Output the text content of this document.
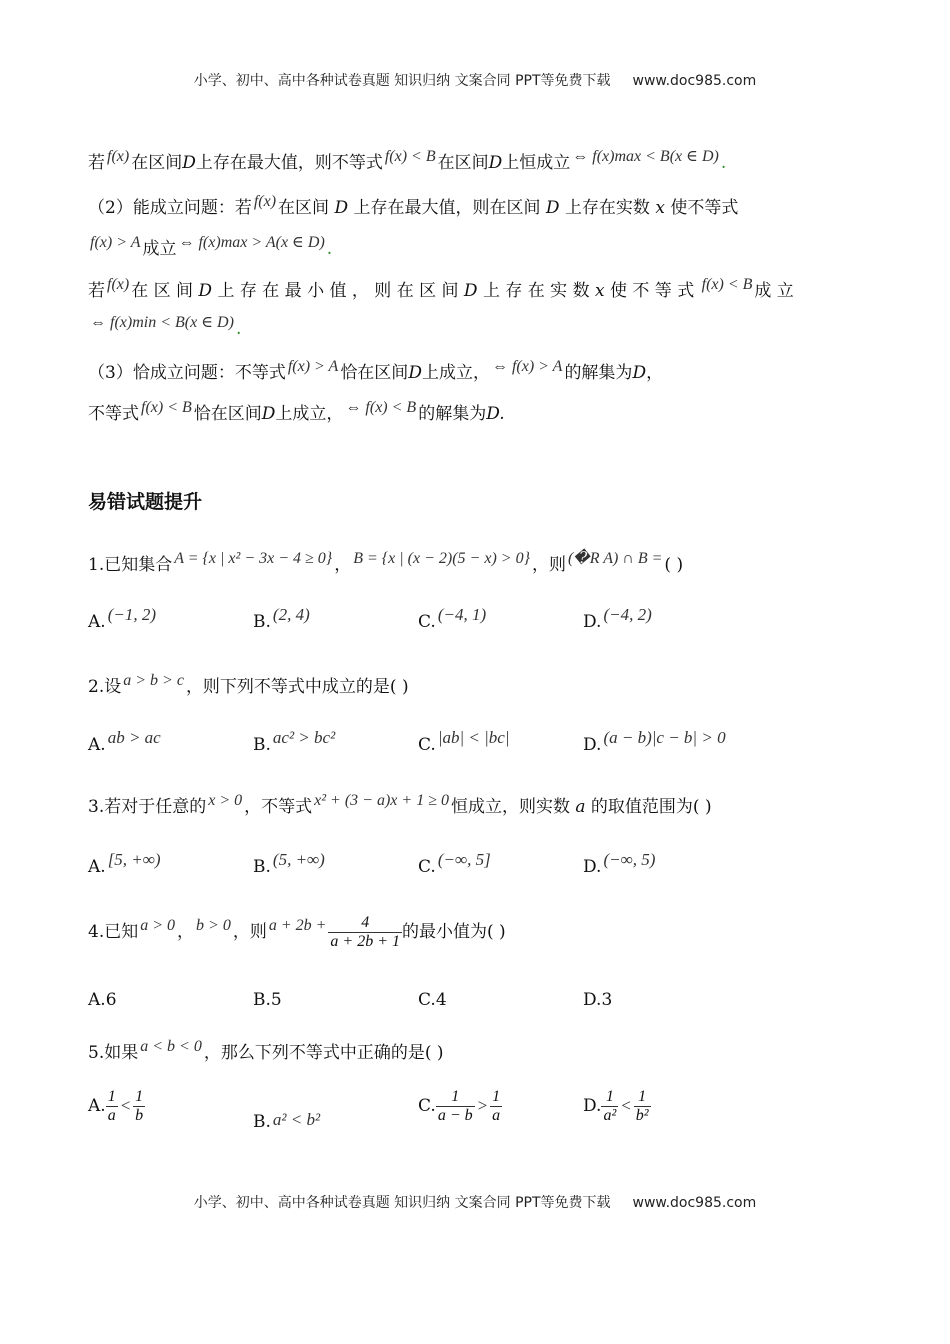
小学、初中、高中各种试卷真题 知识归纳 文案合同 PPT等免费下载 www.doc985.com
若 f(x) 在区间D上存在最大值，则不等式 f(x) < B 在区间D上恒成立 ⇔ f(x)max < B(x ∈ D) .
（2）能成立问题：若 f(x) 在区间 D 上存在最大值，则在区间 D 上存在实数 x 使不等式
f(x) > A 成立 ⇔ f(x)max > A(x ∈ D) .
若 f(x) 在 区 间 D 上 存 在 最 小 值 ， 则 在 区 间 D 上 存 在 实 数 x 使 不 等 式 f(x) < B 成 立
⇔ f(x)min < B(x ∈ D) .
（3）恰成立问题：不等式 f(x) > A 恰在区间D上成立， ⇔ f(x) > A 的解集为D，
不等式 f(x) < B 恰在区间D上成立， ⇔ f(x) < B 的解集为D.
易错试题提升
1.已知集合 A = {x | x² − 3x − 4 ≥ 0} ， B = {x | (x − 2)(5 − x) > 0} ，则 (�R A) ∩ B = ( )
A. (−1, 2)	B. (2, 4)	C. (−4, 1)	D. (−4, 2)
2.设 a > b > c ，则下列不等式中成立的是( )
A. ab > ac	B. ac² > bc²	C. |ab| < |bc|	D. (a − b)|c − b| > 0
3.若对于任意的 x > 0 ，不等式 x² + (3 − a)x + 1 ≥ 0 恒成立，则实数 a 的取值范围为( )
A. [5, +∞)	B. (5, +∞)	C. (−∞, 5]	D. (−∞, 5)
4.已知 a > 0 ， b > 0 ，则 $a + 2b + \frac{4}{a + 2b + 1}$ 的最小值为( )
A.6	B.5	C.4	D.3
5.如果 a < b < 0 ，那么下列不等式中正确的是( )
A. $\frac{1}{a} < \frac{1}{b}$	B. a² < b²
C. $\frac{1}{a - b} > \frac{1}{a}$	D. $\frac{1}{\text{a²}} < \frac{1}{\text{b²}}$
小学、初中、高中各种试卷真题 知识归纳 文案合同 PPT等免费下载 www.doc985.com
